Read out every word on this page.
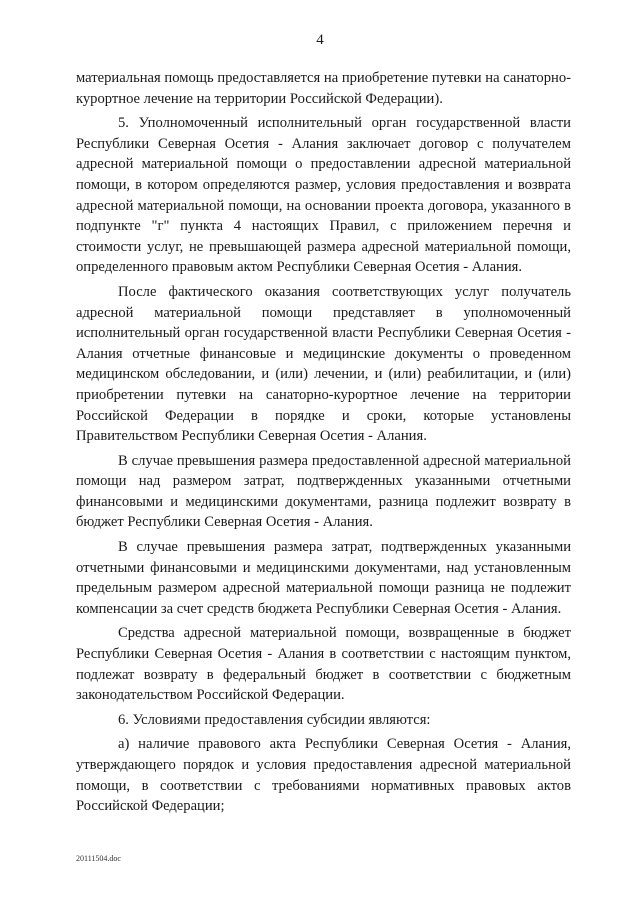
4

материальная помощь предоставляется на приобретение путевки на санаторно-курортное лечение на территории Российской Федерации).

5. Уполномоченный исполнительный орган государственной власти Республики Северная Осетия - Алания заключает договор с получателем адресной материальной помощи о предоставлении адресной материальной помощи, в котором определяются размер, условия предоставления и возврата адресной материальной помощи, на основании проекта договора, указанного в подпункте "г" пункта 4 настоящих Правил, с приложением перечня и стоимости услуг, не превышающей размера адресной материальной помощи, определенного правовым актом Республики Северная Осетия - Алания.

После фактического оказания соответствующих услуг получатель адресной материальной помощи представляет в уполномоченный исполнительный орган государственной власти Республики Северная Осетия - Алания отчетные финансовые и медицинские документы о проведенном медицинском обследовании, и (или) лечении, и (или) реабилитации, и (или) приобретении путевки на санаторно-курортное лечение на территории Российской Федерации в порядке и сроки, которые установлены Правительством Республики Северная Осетия - Алания.

В случае превышения размера предоставленной адресной материальной помощи над размером затрат, подтвержденных указанными отчетными финансовыми и медицинскими документами, разница подлежит возврату в бюджет Республики Северная Осетия - Алания.

В случае превышения размера затрат, подтвержденных указанными отчетными финансовыми и медицинскими документами, над установленным предельным размером адресной материальной помощи разница не подлежит компенсации за счет средств бюджета Республики Северная Осетия - Алания.

Средства адресной материальной помощи, возвращенные в бюджет Республики Северная Осетия - Алания в соответствии с настоящим пунктом, подлежат возврату в федеральный бюджет в соответствии с бюджетным законодательством Российской Федерации.

6. Условиями предоставления субсидии являются:

а) наличие правового акта Республики Северная Осетия - Алания, утверждающего порядок и условия предоставления адресной материальной помощи, в соответствии с требованиями нормативных правовых актов Российской Федерации;

20111504.doc
